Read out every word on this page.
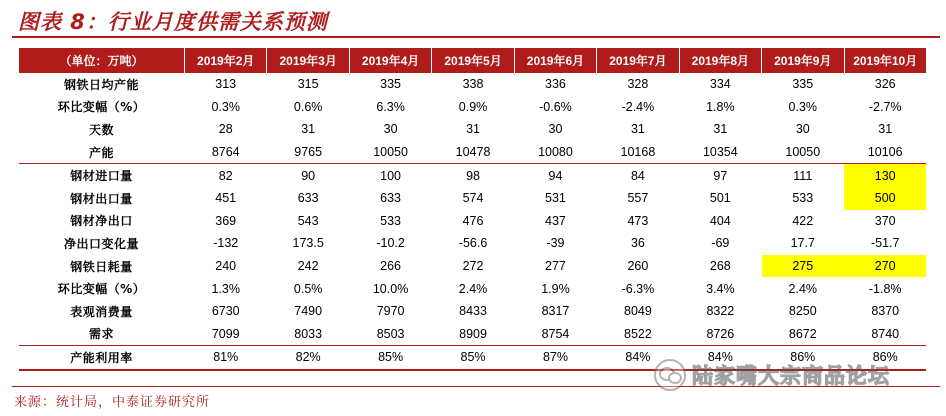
图表 8：行业月度供需关系预测
（单位：万吨）	2019年2月	2019年3月	2019年4月	2019年5月	2019年6月	2019年7月	2019年8月	2019年9月	2019年10月
钢铁日均产能	313	315	335	338	336	328	334	335	326
环比变幅（%）	0.3%	0.6%	6.3%	0.9%	-0.6%	-2.4%	1.8%	0.3%	-2.7%
天数	28	31	30	31	30	31	31	30	31
产能	8764	9765	10050	10478	10080	10168	10354	10050	10106
钢材进口量	82	90	100	98	94	84	97	111	130
钢材出口量	451	633	633	574	531	557	501	533	500
钢材净出口	369	543	533	476	437	473	404	422	370
净出口变化量	-132	173.5	-10.2	-56.6	-39	36	-69	17.7	-51.7
钢铁日耗量	240	242	266	272	277	260	268	275	270
环比变幅（%）	1.3%	0.5%	10.0%	2.4%	1.9%	-6.3%	3.4%	2.4%	-1.8%
表观消费量	6730	7490	7970	8433	8317	8049	8322	8250	8370
需求	7099	8033	8503	8909	8754	8522	8726	8672	8740
产能利用率	81%	82%	85%	85%	87%	84%	84%	86%	86%
陆家嘴大宗商品论坛
来源：统计局，中泰证券研究所
